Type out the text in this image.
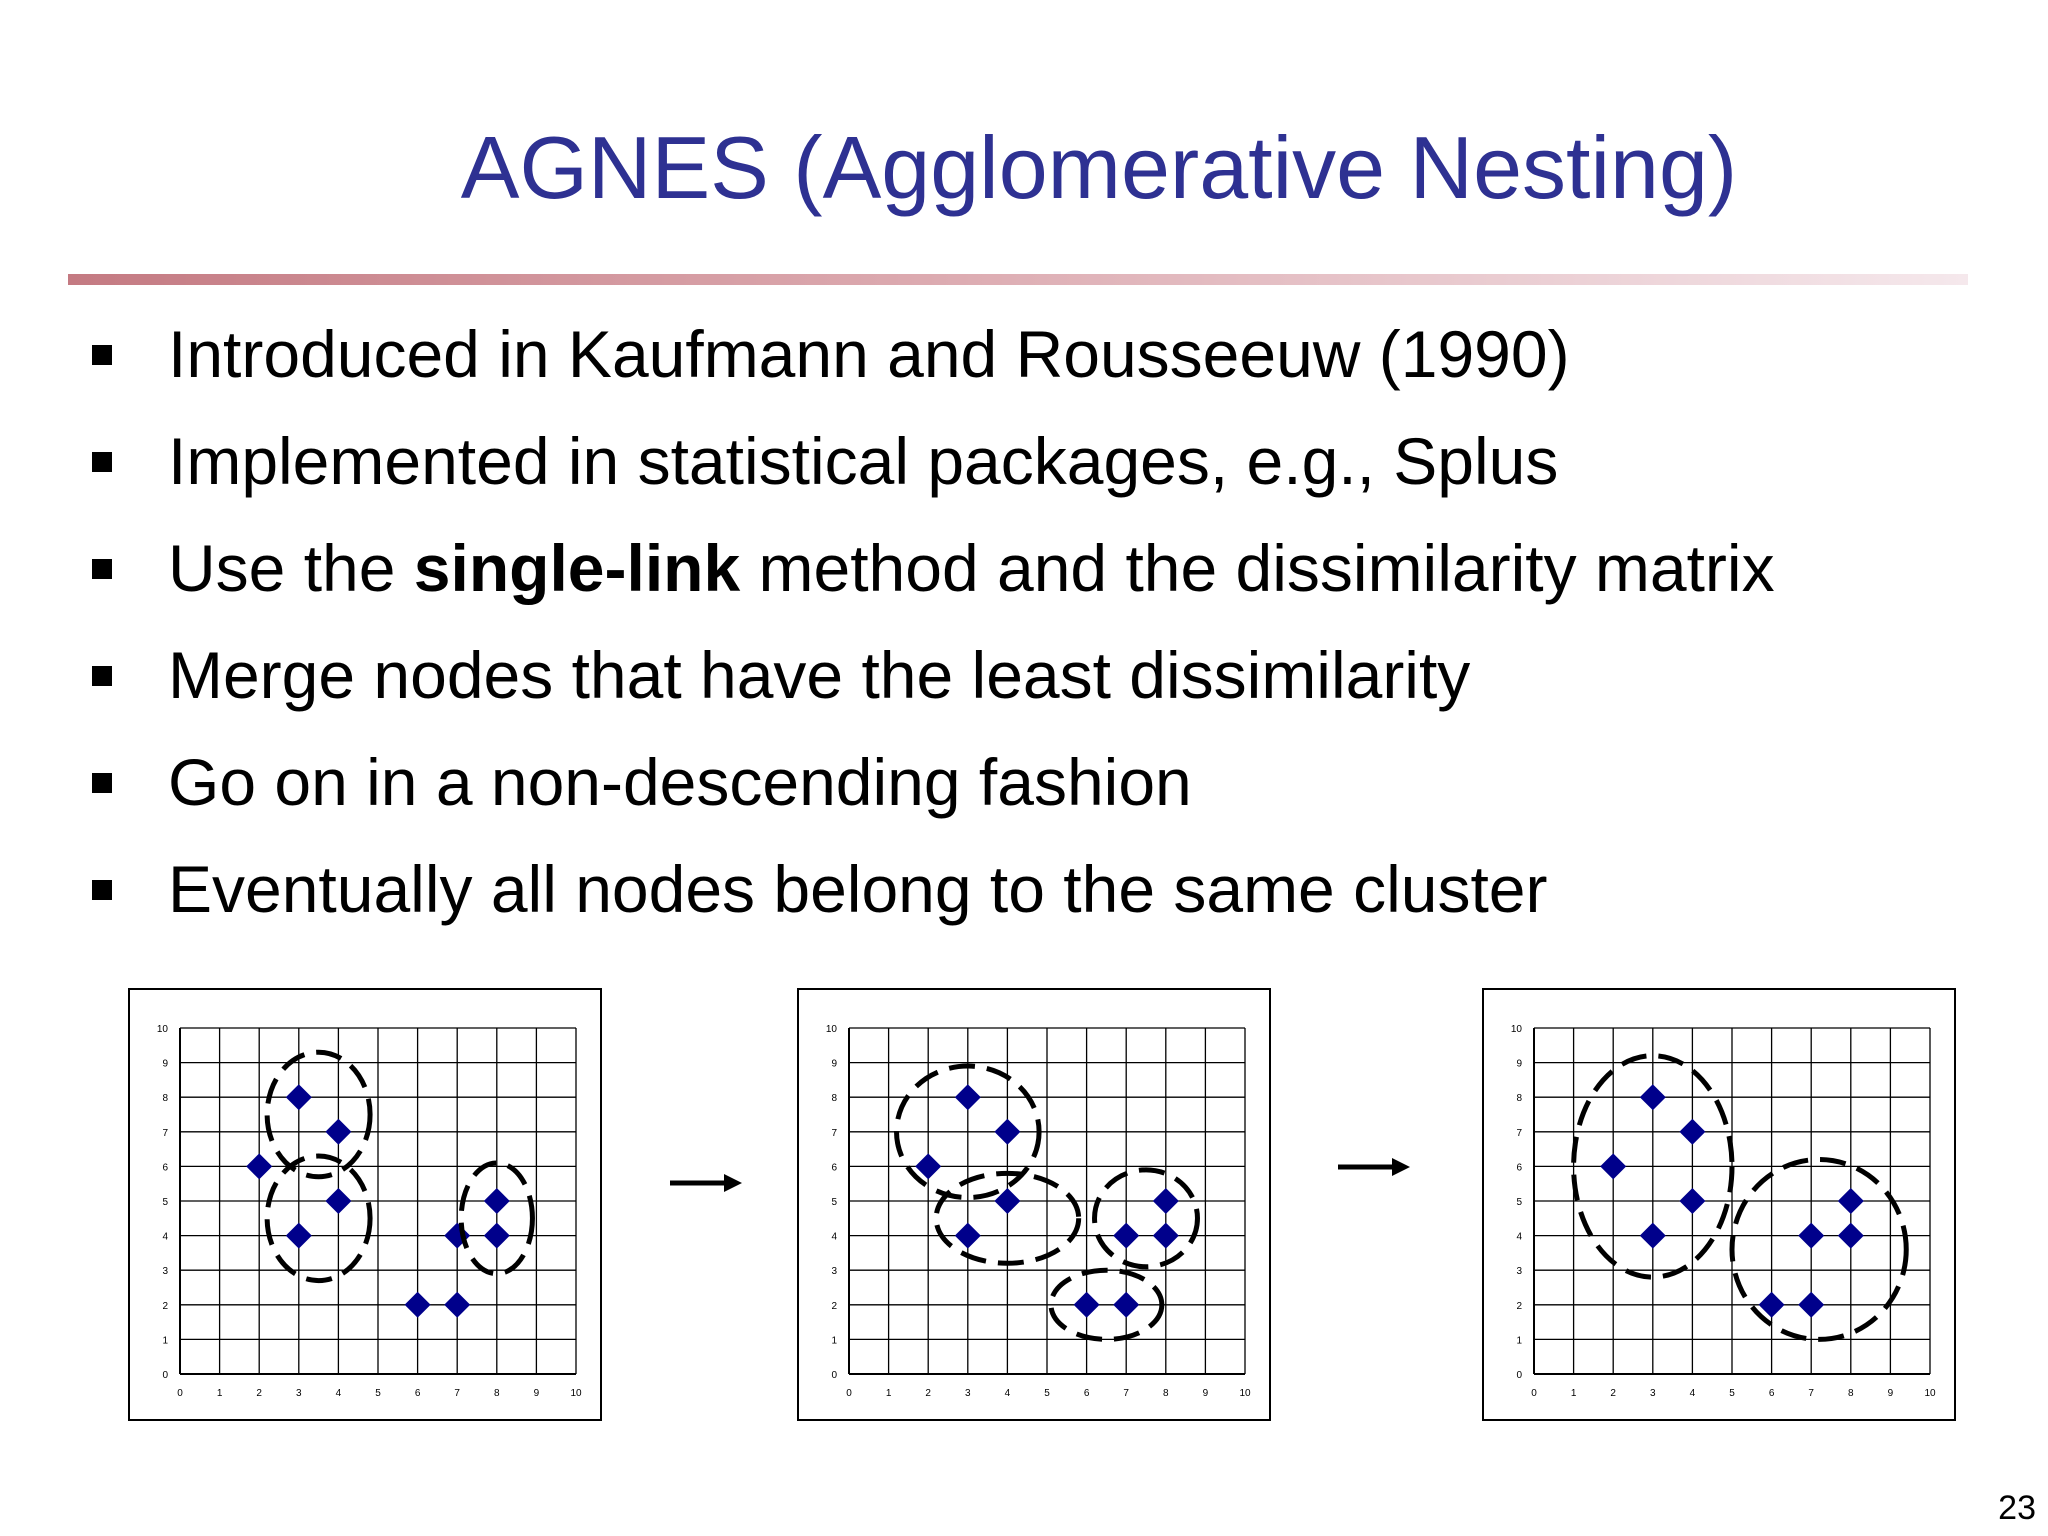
AGNES (Agglomerative Nesting)
Introduced in Kaufmann and Rousseeuw (1990)
Implemented in statistical packages, e.g., Splus
Use the single-link method and the dissimilarity matrix
Merge nodes that have the least dissimilarity
Go on in a non-descending fashion
Eventually all nodes belong to the same cluster
0	1	2	3	4	5	6	7	8	9	10
0
1
2
3
4
5
6
7
8
9
10
0	1	2	3	4	5	6	7	8	9	10
0
1
2
3
4
5
6
7
8
9
10
0	1	2	3	4	5	6	7	8	9	10
0
1
2
3
4
5
6
7
8
9
10
23
